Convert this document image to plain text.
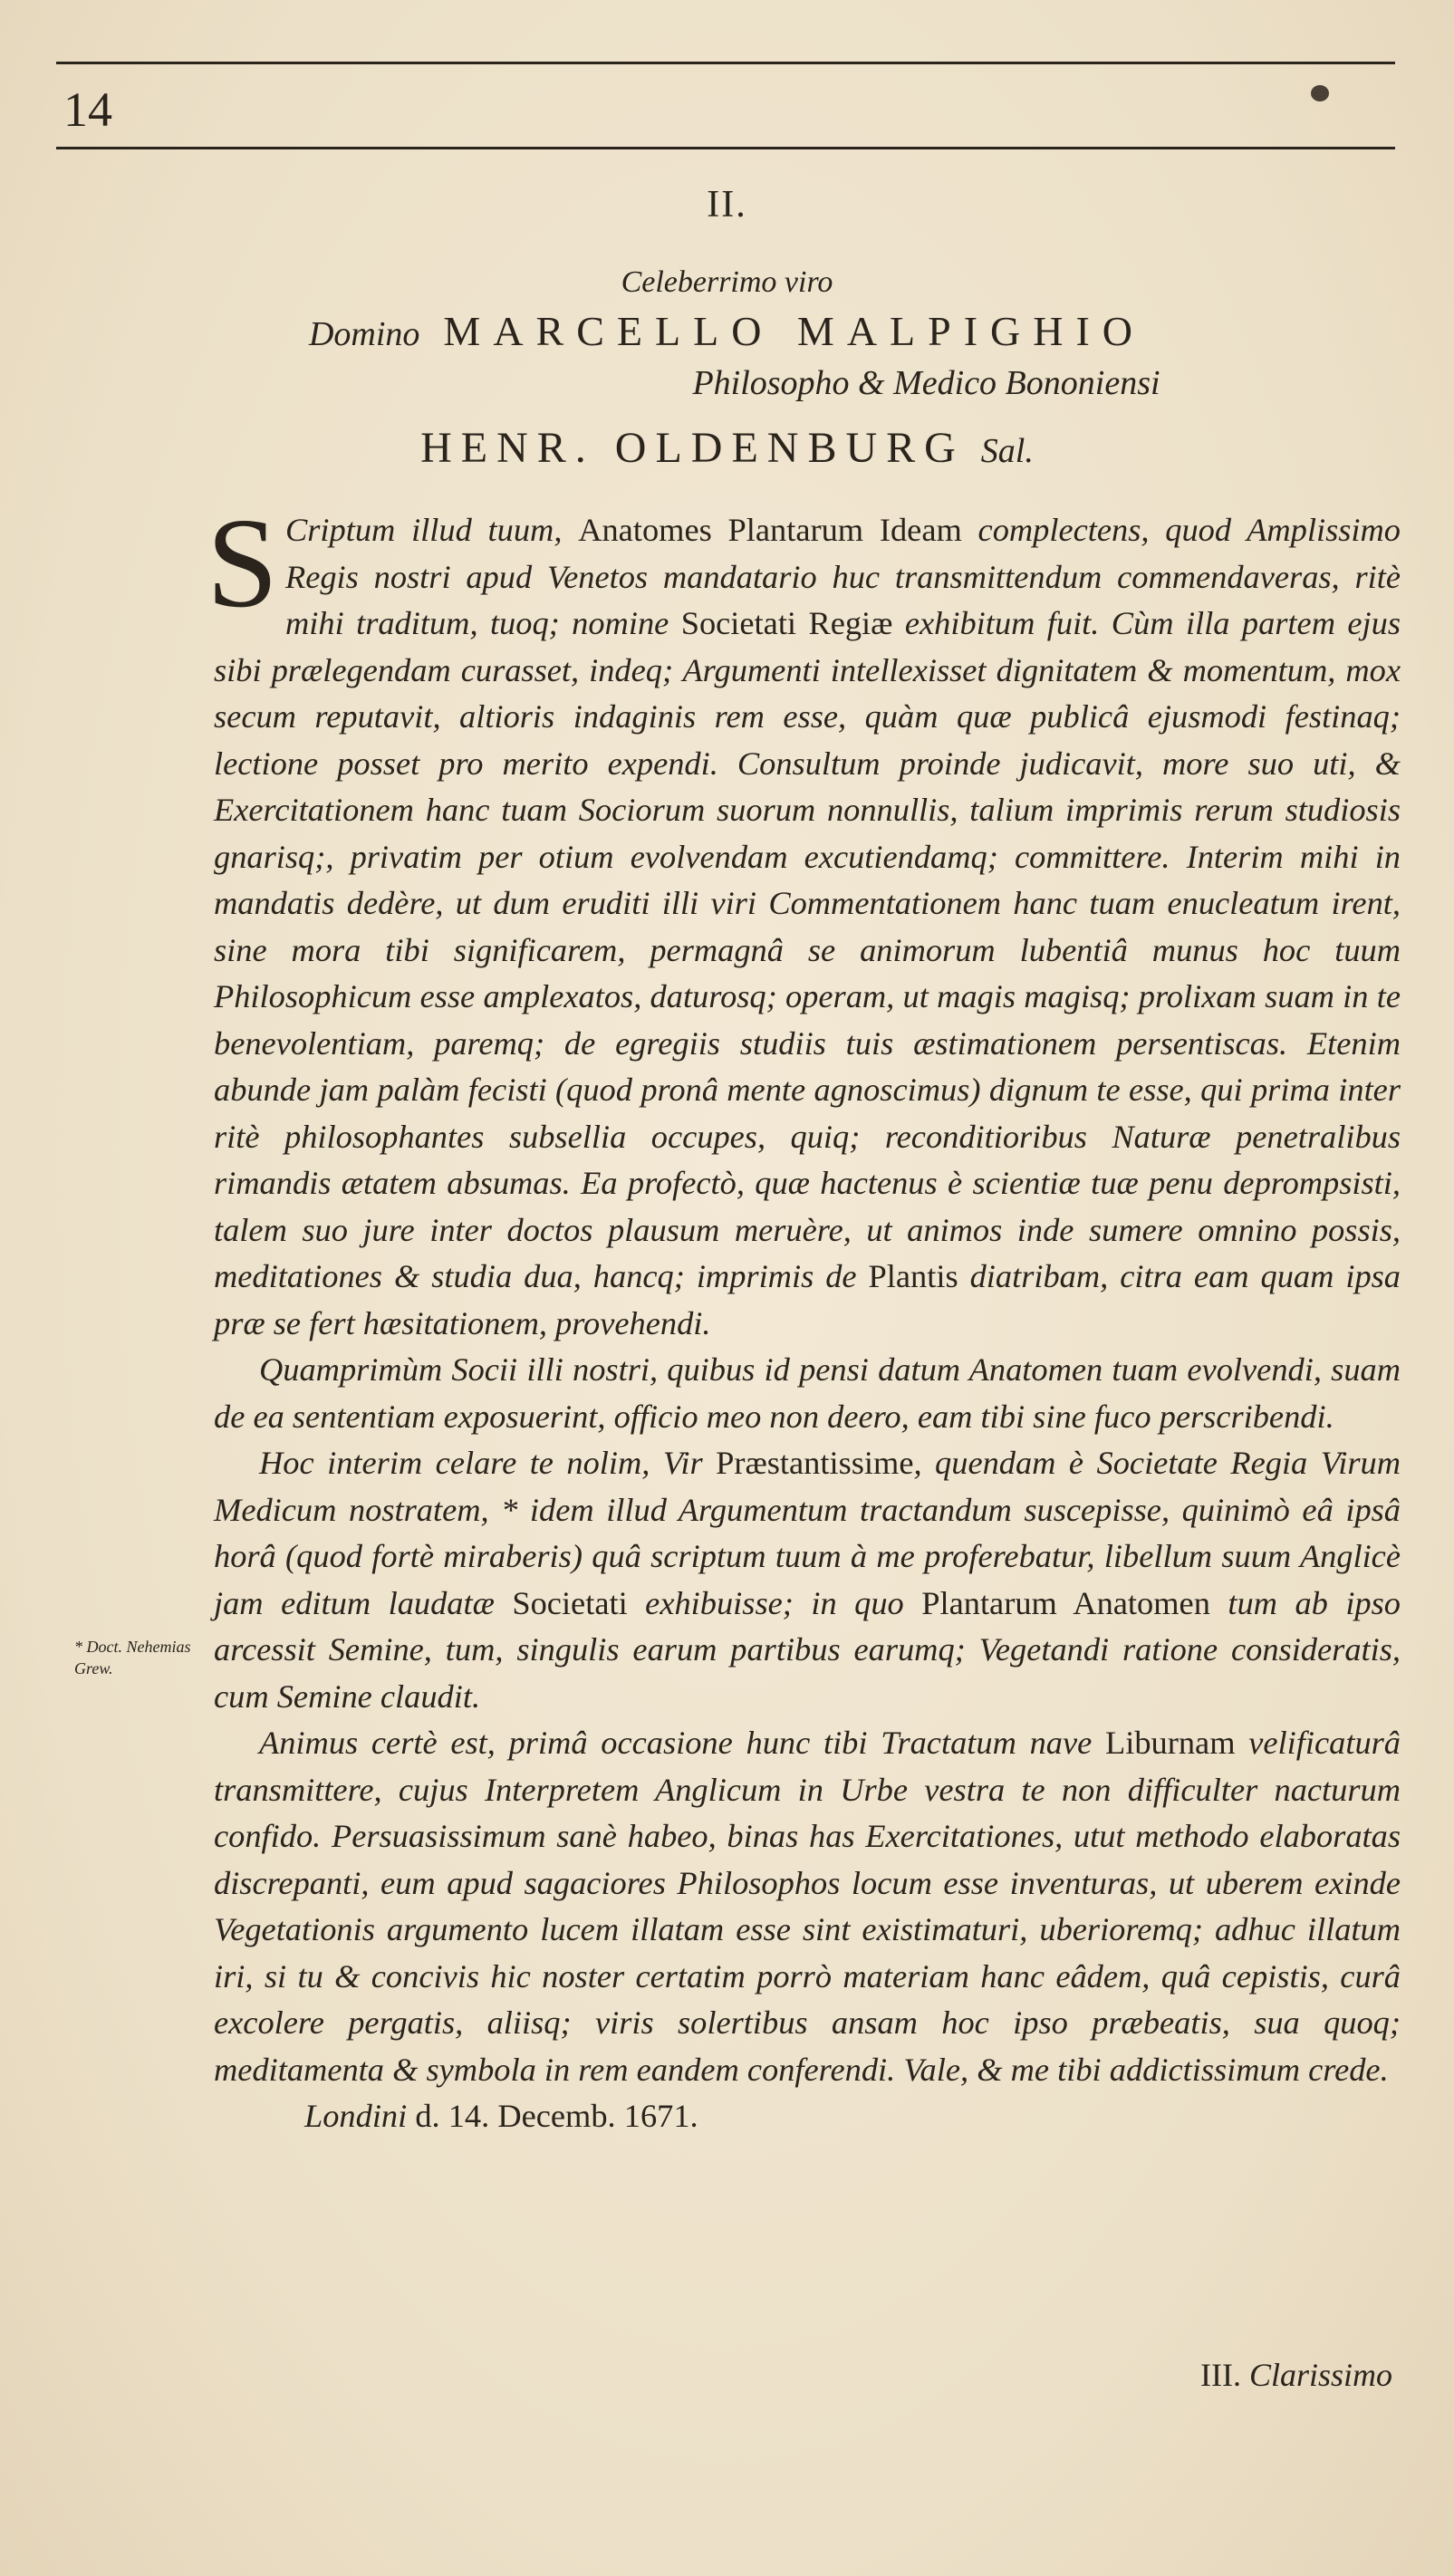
14
II.
Celeberrimo viro
Domino MARCELLO MALPIGHIO
Philosopho & Medico Bononiensi
HENR. OLDENBURG Sal.

S Criptum illud tuum, Anatomes Plantarum Ideam complectens, quod Amplissimo Regis nostri apud Venetos mandatario huc transmittendum commendaveras, ritè mihi traditum, tuoq; nomine Societati Regiæ exhibitum fuit. Cùm illa partem ejus sibi prælegendam curasset, indeq; Argumenti intellexisset dignitatem & momentum, mox secum reputavit, altioris indaginis rem esse, quàm quæ publicâ ejusmodi festinaq; lectione posset pro merito expendi. Consultum proinde judicavit, more suo uti, & Exercitationem hanc tuam Sociorum suorum nonnullis, talium imprimis rerum studiosis gnarisq;, privatim per otium evolvendam excutiendamq; committere. Interim mihi in mandatis dedère, ut dum eruditi illi viri Commentationem hanc tuam enucleatum irent, sine mora tibi significarem, permagnâ se animorum lubentiâ munus hoc tuum Philosophicum esse amplexatos, daturosq; operam, ut magis magisq; prolixam suam in te benevolentiam, paremq; de egregiis studiis tuis æstimationem persentiscas. Etenim abunde jam palàm fecisti (quod pronâ mente agnoscimus) dignum te esse, qui prima inter ritè philosophantes subsellia occupes, quiq; reconditioribus Naturæ penetralibus rimandis ætatem absumas. Ea profectò, quæ hactenus è scientiæ tuæ penu deprompsisti, talem suo jure inter doctos plausum meruère, ut animos inde sumere omnino possis, meditationes & studia dua, hancq; imprimis de Plantis diatribam, citra eam quam ipsa præ se fert hæsitationem, provehendi.

Quamprimùm Socii illi nostri, quibus id pensi datum Anatomen tuam evolvendi, suam de ea sententiam exposuerint, officio meo non deero, eam tibi sine fuco perscribendi.

Hoc interim celare te nolim, Vir Præstantissime, quendam è Societate Regia Virum Medicum nostratem, * idem illud Argumentum tractandum suscepisse, quinimò eâ ipsâ horâ (quod fortè miraberis) quâ scriptum tuum à me proferebatur, libellum suum Anglicè jam editum laudatæ Societati exhibuisse; in quo Plantarum Anatomen tum ab ipso arcessit Semine, tum, singulis earum partibus earumq; Vegetandi ratione consideratis, cum Semine claudit.

Animus certè est, primâ occasione hunc tibi Tractatum nave Liburnam velificaturâ transmittere, cujus Interpretem Anglicum in Urbe vestra te non difficulter nacturum confido. Persuasissimum sanè habeo, binas has Exercitationes, utut methodo elaboratas discrepanti, eum apud sagaciores Philosophos locum esse inventuras, ut uberem exinde Vegetationis argumento lucem illatam esse sint existimaturi, uberioremq; adhuc illatum iri, si tu & concivis hic noster certatim porrò materiam hanc eâdem, quâ cepistis, curâ excolere pergatis, aliisq; viris solertibus ansam hoc ipso præbeatis, sua quoq; meditamenta & symbola in rem eandem conferendi. Vale, & me tibi addictissimum crede.

Londini d. 14. Decemb. 1671.

* Doct. Nehemias Grew.
III. Clarissimo
